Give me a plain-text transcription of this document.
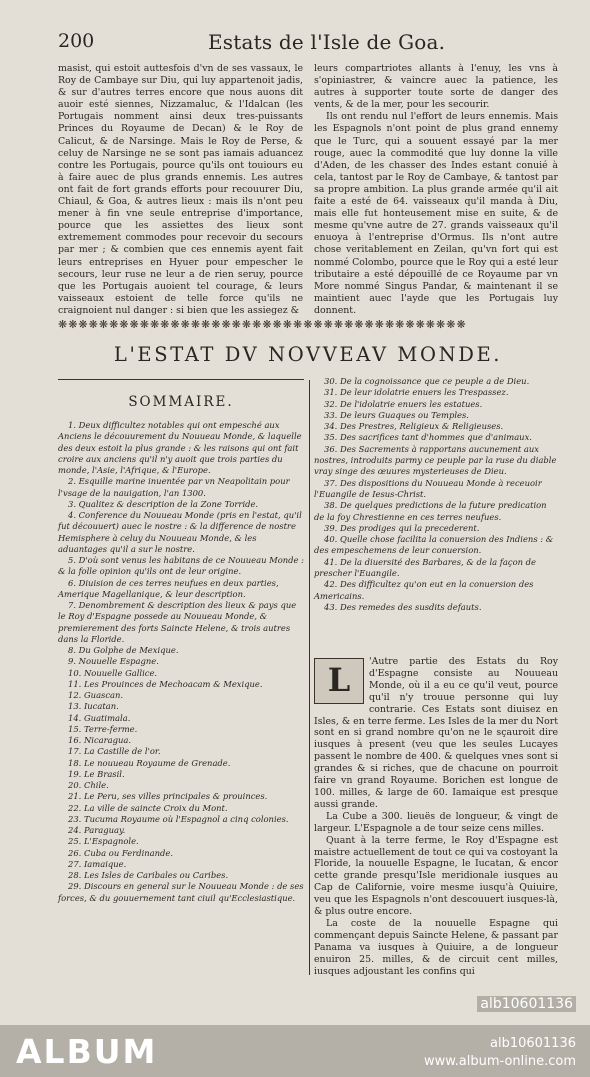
200	Estats de l'Isle de Goa.

masist, qui estoit auttesfois d'vn de ses vassaux, le Roy de Cambaye sur Diu, qui luy appartenoit jadis, & sur d'autres terres encore que nous auons dit auoir esté siennes, Nizzamaluc, & l'Idalcan (les Portugais nomment ainsi deux tres-puissants Princes du Royaume de Decan) & le Roy de Calicut, & de Narsinge. Mais le Roy de Perse, & celuy de Narsinge ne se sont pas iamais aduancez contre les Portugais, pource qu'ils ont touiours eu à faire auec de plus grands ennemis. Les autres ont fait de fort grands efforts pour recouurer Diu, Chiaul, & Goa, & autres lieux : mais ils n'ont peu mener à fin vne seule entreprise d'importance, pource que les assiettes des lieux sont extremement commodes pour recevoir du secours par mer ; & combien que ces ennemis ayent fait leurs entreprises en Hyuer pour empescher le secours, leur ruse ne leur a de rien seruy, pource que les Portugais auoient tel courage, & leurs vaisseaux estoient de telle force qu'ils ne craignoient nul danger : si bien que les assiegez &

leurs compartriotes allants à l'enuy, les vns à s'opiniastrer, & vaincre auec la patience, les autres à supporter toute sorte de danger des vents, & de la mer, pour les secourir.

Ils ont rendu nul l'effort de leurs ennemis. Mais les Espagnols n'ont point de plus grand ennemy que le Turc, qui a souuent essayé par la mer rouge, auec la commodité que luy donne la ville d'Aden, de les chasser des Indes estant conuié à cela, tantost par le Roy de Cambaye, & tantost par sa propre ambition. La plus grande armée qu'il ait faite a esté de 64. vaisseaux qu'il manda à Diu, mais elle fut honteusement mise en suite, & de mesme qu'vne autre de 27. grands vaisseaux qu'il enuoya à l'entreprise d'Ormus. Ils n'ont autre chose veritablement en Zeilan, qu'vn fort qui est nommé Colombo, pource que le Roy qui a esté leur tributaire a esté dépouillé de ce Royaume par vn More nommé Singus Pandar, & maintenant il se maintient auec l'ayde que les Portugais luy donnent.

❋❋❋❋❋❋❋❋❋❋❋❋❋❋❋❋❋❋❋❋❋❋❋❋❋❋❋❋❋❋❋❋❋❋❋❋❋❋❋❋
L'ESTAT DV NOVVEAV MONDE.
SOMMAIRE.
1. Deux difficultez notables qui ont empesché aux Anciens le découurement du Nouueau Monde, & laquelle des deux estoit la plus grande : & les raisons qui ont fait croire aux anciens qu'il n'y auoit que trois parties du monde, l'Asie, l'Afrique, & l'Europe.
2. Esquille marine inuentée par vn Neapolitain pour l'vsage de la nauigation, l'an 1300.
3. Qualitez & description de la Zone Torride.
4. Conference du Nouueau Monde (pris en l'estat, qu'il fut découuert) auec le nostre : & la difference de nostre Hemisphere à celuy du Nouueau Monde, & les aduantages qu'il a sur le nostre.
5. D'où sont venus les habitans de ce Nouueau Monde : & la folle opinion qu'ils ont de leur origine.
6. Diuision de ces terres neufues en deux parties, Amerique Magellanique, & leur description.
7. Denombrement & description des lieux & pays que le Roy d'Espagne possede au Nouueau Monde, & premierement des forts Saincte Helene, & trois autres dans la Floride.
8. Du Golphe de Mexique.
9. Nouuelle Espagne.
10. Nouuelle Gallice.
11. Les Prouinces de Mechoacam & Mexique.
12. Guascan.
13. Iucatan.
14. Guatimala.
15. Terre-ferme.
16. Nicaragua.
17. La Castille de l'or.
18. Le nouueau Royaume de Grenade.
19. Le Brasil.
20. Chile.
21. Le Peru, ses villes principales & prouinces.
22. La ville de saincte Croix du Mont.
23. Tucuma Royaume où l'Espagnol a cinq colonies.
24. Paraguay.
25. L'Espagnole.
26. Cuba ou Ferdinande.
27. Iamaique.
28. Les Isles de Caribales ou Caribes.
29. Discours en general sur le Nouueau Monde : de ses forces, & du gouuernement tant ciuil qu'Ecclesiastique.
30. De la cognoissance que ce peuple a de Dieu.
31. De leur idolatrie enuers les Trespassez.
32. De l'idolatrie enuers les estatues.
33. De leurs Guaques ou Temples.
34. Des Prestres, Religieux & Religieuses.
35. Des sacrifices tant d'hommes que d'animaux.
36. Des Sacrements à rapportans aucunement aux nostres, introduits parmy ce peuple par la ruse du diable vray singe des œuures mysterieuses de Dieu.
37. Des dispositions du Nouueau Monde à receuoir l'Euangile de Iesus-Christ.
38. De quelques predictions de la future predication de la foy Chrestienne en ces terres neufues.
39. Des prodiges qui la precederent.
40. Quelle chose facilita la conuersion des Indiens : & des empeschemens de leur conuersion.
41. De la diuersité des Barbares, & de la façon de prescher l'Euangile.
42. Des difficultez qu'on eut en la conuersion des Americains.
43. Des remedes des susdits defauts.

L	'Autre partie des Estats du Roy d'Espagne consiste au Nouueau Monde, où il a eu ce qu'il veut, pource qu'il n'y trouue personne qui luy contrarie. Ces Estats sont diuisez en Isles, & en terre ferme. Les Isles de la mer du Nort sont en si grand nombre qu'on ne le sçauroit dire iusques à present (veu que les seules Lucayes passent le nombre de 400. & quelques vnes sont si grandes & si riches, que de chacune on pourroit faire vn grand Royaume. Borichen est longue de 100. milles, & large de 60. Iamaique est presque aussi grande.

La Cube a 300. lieuës de longueur, & vingt de largeur. L'Espagnole a de tour seize cens milles.

Quant à la terre ferme, le Roy d'Espagne est maistre actuellement de tout ce qui va costoyant la Floride, la nouuelle Espagne, le Iucatan, & encor cette grande presqu'Isle meridionale iusques au Cap de Californie, voire mesme iusqu'à Quiuire, veu que les Espagnols n'ont descouuert iusques-là, & plus outre encore.

La coste de la nouuelle Espagne qui commençant depuis Saincte Helene, & passant par Panama va iusques à Quiuire, a de longueur enuiron 25. milles, & de circuit cent milles, iusques adjoustant les confins qui

alb10601136
ALBUM	alb10601136
www.album-online.com
